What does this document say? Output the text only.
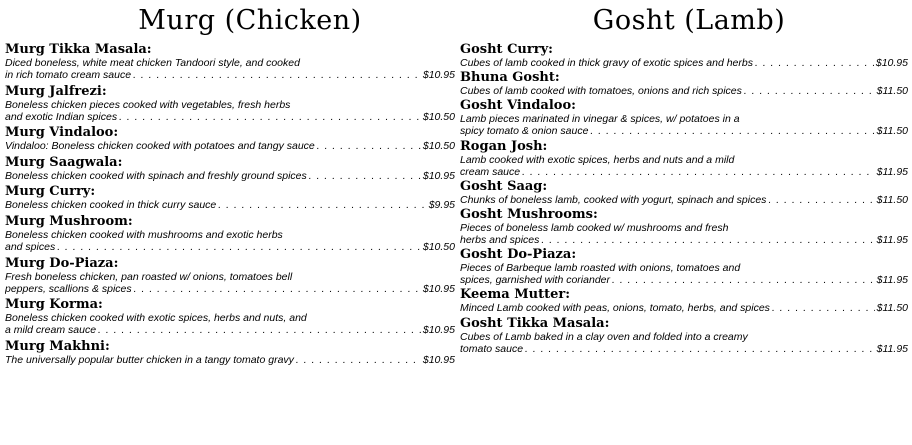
Murg (Chicken)
Murg Tikka Masala:
Diced boneless, white meat chicken Tandoori style, and cooked
in rich tomato cream sauce . . .	$10.95
Murg Jalfrezi:
Boneless chicken pieces cooked with vegetables, fresh herbs
and exotic Indian spices . . .	$10.50
Murg Vindaloo:
Vindaloo: Boneless chicken cooked with potatoes and tangy sauce . . .	$10.50
Murg Saagwala:
Boneless chicken cooked with spinach and freshly ground spices . . .	$10.95
Murg Curry:
Boneless chicken cooked in thick curry sauce . . .	$9.95
Murg Mushroom:
Boneless chicken cooked with mushrooms and exotic herbs
and spices . . .	$10.50
Murg Do-Piaza:
Fresh boneless chicken, pan roasted w/ onions, tomatoes bell
peppers, scallions & spices . . .	$10.95
Murg Korma:
Boneless chicken cooked with exotic spices, herbs and nuts, and
a mild cream sauce . . .	$10.95
Murg Makhni:
The universally popular butter chicken in a tangy tomato gravy . . .	$10.95
Gosht (Lamb)
Gosht Curry:
Cubes of lamb cooked in thick gravy of exotic spices and herbs . . .	$10.95
Bhuna Gosht:
Cubes of lamb cooked with tomatoes, onions and rich spices . . .	$11.50
Gosht Vindaloo:
Lamb pieces marinated in vinegar & spices, w/ potatoes in a
spicy tomato & onion sauce . . .	$11.50
Rogan Josh:
Lamb cooked with exotic spices, herbs and nuts and a mild
cream sauce . . .	$11.95
Gosht Saag:
Chunks of boneless lamb, cooked with yogurt, spinach and spices . . .	$11.50
Gosht Mushrooms:
Pieces of boneless lamb cooked w/ mushrooms and fresh
herbs and spices . . .	$11.95
Gosht Do-Piaza:
Pieces of Barbeque lamb roasted with onions, tomatoes and
spices, garnished with coriander . . .	$11.95
Keema Mutter:
Minced Lamb cooked with peas, onions, tomato, herbs, and spices . . .	$11.50
Gosht Tikka Masala:
Cubes of Lamb baked in a clay oven and folded into a creamy
tomato sauce . . .	$11.95
